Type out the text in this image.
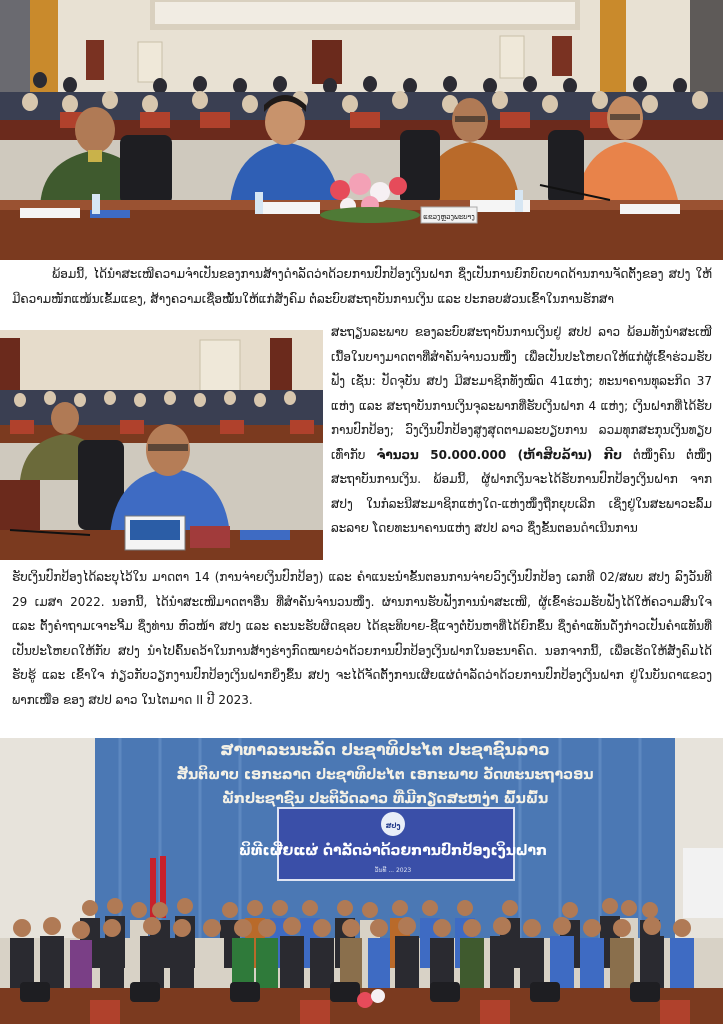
ແຂວງຫຼວງພະບາງ
ພ້ອມນີ້, ໄດ້ນຳສະເໜີຄວາມຈຳເປັນຂອງການສ້າງດຳລັດວ່າດ້ວຍການປົກປ້ອງເງິນຝາກ ຊຶ່ງເປັນການຍົກບົດບາດດ້ານການຈັດຕັ້ງຂອງ ສປງ ໃຫ້ມີຄວາມໜັກແໜ້ນເຂັ້ມແຂງ, ສ້າງຄວາມເຊື່ອໝັ້ນໃຫ້ແກ່ສັງຄົມ ຕໍ່ລະບົບສະຖາບັນການເງິນ ແລະ ປະກອບສ່ວນເຂົ້າໃນການຮັກສາ
ສະຖຽນລະພາບ ຂອງລະບົບສະຖາບັນການເງິນຢູ່ ສປປ ລາວ ພ້ອມທັງນຳສະເໜີເນື້ອໃນບາງມາດຕາທີ່ສຳຄັນຈຳນວນໜຶ່ງ ເພື່ອເປັນປະໂຫຍດໃຫ້ແກ່ຜູ້ເຂົ້າຮ່ວມຮັບຟັງ ເຊັ່ນ: ປັດຈຸບັນ ສປງ ມີສະມາຊິກທັງໝົດ 41ແຫ່ງ; ທະນາຄານທຸລະກິດ 37 ແຫ່ງ ແລະ ສະຖາບັນການເງິນຈຸລະພາກທີ່ຮັບເງິນຝາກ 4 ແຫ່ງ; ເງິນຝາກທີ່ໄດ້ຮັບການປົກປ້ອງ; ວົງເງິນປົກປ້ອງສູງສຸດຕາມລະບຽບການ ລວມທຸກສະກຸນເງິນທຽບເທົ່າກັບ ຈຳນວນ 50.000.000 (ຫ້າສິບລ້ານ) ກີບ ຕໍ່ໜຶ່ງຄົນ ຕໍ່ໜຶ່ງສະຖາບັນການເງິນ. ພ້ອມນີ້, ຜູ້ຝາກເງິນຈະໄດ້ຮັບການປົກປ້ອງເງິນຝາກ ຈາກ ສປງ ໃນກໍລະນີສະມາຊິກແຫ່ງໃດ-ແຫ່ງໜຶ່ງຖືກຍຸບເລີກ ເຊິ່ງຢູ່ໃນສະພາວະລົ້ມລະລາຍ ໂດຍທະນາຄານແຫ່ງ ສປປ ລາວ ຊຶ່ງຂັ້ນຕອນດຳເນີນການ
ຮັບເງິນປົກປ້ອງໄດ້ລະບຸໄວ້ໃນ ມາດຕາ 14 (ການຈ່າຍເງິນປົກປ້ອງ) ແລະ ຄຳແນະນຳຂັ້ນຕອນການຈ່າຍວົງເງິນປົກປ້ອງ ເລກທີ 02/ສພບ ສປງ ລົງວັນທີ 29 ເມສາ 2022. ນອກນີ້, ໄດ້ນຳສະເໜີມາດຕາອື່ນ ທີ່ສຳຄັນຈຳນວນໜຶ່ງ. ຜ່ານການຮັບຟັງການນຳສະເໜີ, ຜູ້ເຂົ້າຮ່ວມຮັບຟັງໄດ້ໃຫ້ຄວາມສົນໃຈ ແລະ ຕັ້ງຄຳຖາມເຈາະຈີ້ມ ຊຶ່ງທ່ານ ຫົວໜ້າ ສປງ ແລະ ຄະນະຮັບຜິດຊອບ ໄດ້ຊະທິບາຍ-ຊີ້ແຈງຕໍ່ບັນຫາທີ່ໄດ້ຍົກຂຶ້ນ ຊຶ່ງຄຳແທັນດັ່ງກ່າວເປັນຄຳແທັນທີ່ເປັນປະໂຫຍດໃຫ້ກັບ ສປງ ນຳໄປຄົ້ນຄວ້າໃນການສ້າງຮ່າງກົດໝາຍວ່າດ້ວຍການປົກປ້ອງເງິນຝາກໃນອະນາຄົດ. ນອກຈາກນີ້, ເພື່ອເຮັດໃຫ້ສັງຄົມໄດ້ຮັບຮູ້ ແລະ ເຂົ້າໃຈ ກ່ຽວກັບວຽກງານປົກປ້ອງເງິນຝາກຍິ່ງຂຶ້ນ ສປງ ຈະໄດ້ຈັດຕັ້ງການເຜີຍແຜ່ດຳລັດວ່າດ້ວຍການປົກປ້ອງເງິນຝາກ ຢູ່ໃນບັນດາແຂວງພາກເໜືອ ຂອງ ສປປ ລາວ ໃນໄຕມາດ II ປີ 2023.
ສາທາລະນະລັດ ປະຊາທິປະໄຕ ປະຊາຊົນລາວ
ສັນຕິພາບ ເອກະລາດ ປະຊາທິປະໄຕ ເອກະພາບ ວັດທະນະຖາວອນ
ພັກປະຊາຊົນ ປະຕິວັດລາວ ທີ່ມີກຽດສະຫງ່າ ພົ້ນພົ້ນ
ສປງ
ພິທີເຜີຍແຜ່ ດຳລັດວ່າດ້ວຍການປົກປ້ອງເງິນຝາກ
ວັນທີ ... 2023
